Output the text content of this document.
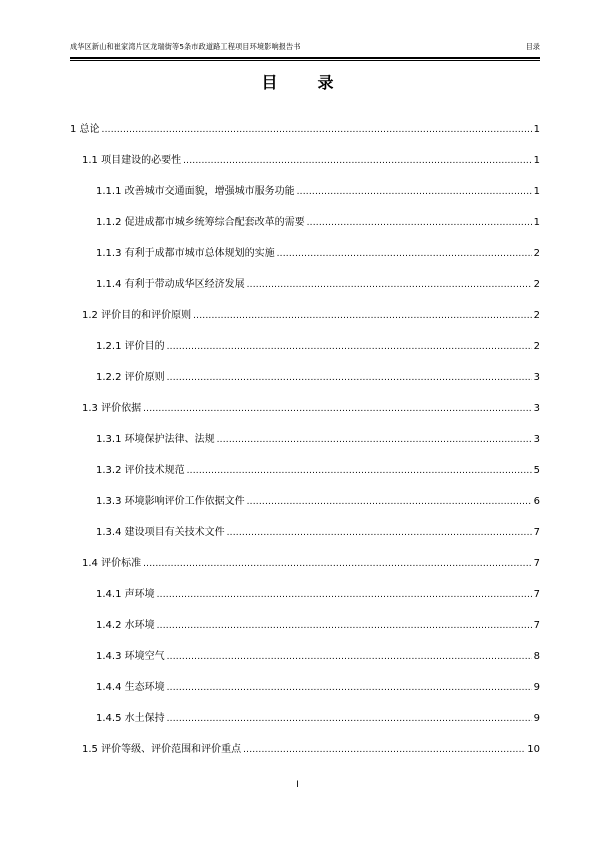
成华区新山和崔家湾片区龙瑞街等5条市政道路工程项目环境影响报告书	目录
目录
1 总论 .....	1
1.1 项目建设的必要性 .....	1
1.1.1 改善城市交通面貌，增强城市服务功能 .....	1
1.1.2 促进成都市城乡统筹综合配套改革的需要 .....	1
1.1.3 有利于成都市城市总体规划的实施 .....	2
1.1.4 有利于带动成华区经济发展 .....	2
1.2 评价目的和评价原则 .....	2
1.2.1 评价目的 .....	2
1.2.2 评价原则 .....	3
1.3 评价依据 .....	3
1.3.1 环境保护法律、法规 .....	3
1.3.2 评价技术规范 .....	5
1.3.3 环境影响评价工作依据文件 .....	6
1.3.4 建设项目有关技术文件 .....	7
1.4 评价标准 .....	7
1.4.1 声环境 .....	7
1.4.2 水环境 .....	7
1.4.3 环境空气 .....	8
1.4.4 生态环境 .....	9
1.4.5 水土保持 .....	9
1.5 评价等级、评价范围和评价重点 .....	10
I
